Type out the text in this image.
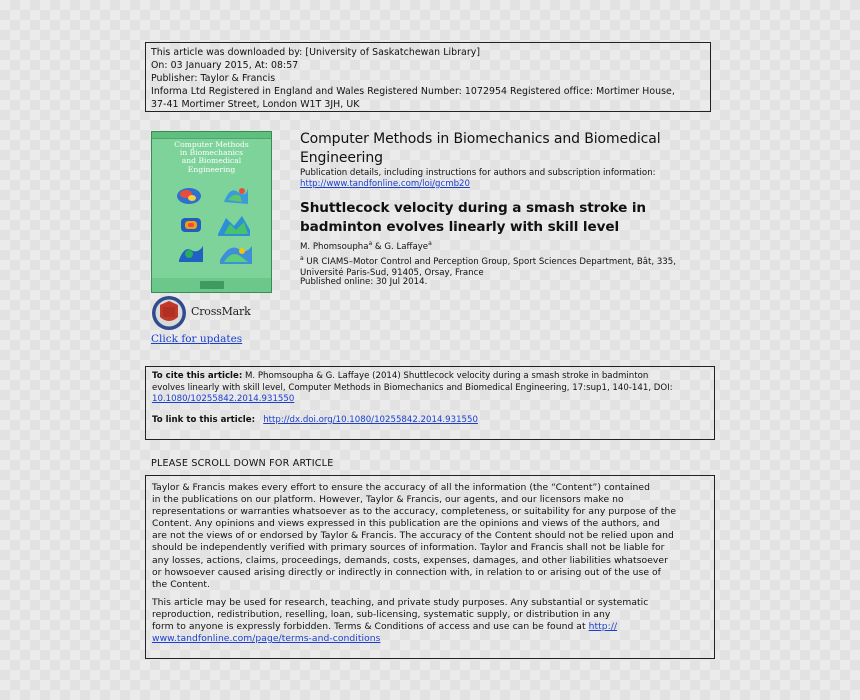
This article was downloaded by: [University of Saskatchewan Library]
On: 03 January 2015, At: 08:57
Publisher: Taylor & Francis
Informa Ltd Registered in England and Wales Registered Number: 1072954 Registered office: Mortimer House,
37-41 Mortimer Street, London W1T 3JH, UK
Computer Methods
in Biomechanics
and Biomedical
Engineering
CrossMark
Click for updates
Computer Methods in Biomechanics and Biomedical Engineering
Publication details, including instructions for authors and subscription information:
http://www.tandfonline.com/loi/gcmb20
Shuttlecock velocity during a smash stroke in badminton evolves linearly with skill level
M. Phomsoupha$^a$ & G. Laffaye$^a$
$^a$ UR CIAMS–Motor Control and Perception Group, Sport Sciences Department, Bât, 335,
Université Paris-Sud, 91405, Orsay, France
Published online: 30 Jul 2014.
To cite this article: M. Phomsoupha & G. Laffaye (2014) Shuttlecock velocity during a smash stroke in badminton
evolves linearly with skill level, Computer Methods in Biomechanics and Biomedical Engineering, 17:sup1, 140-141, DOI:
10.1080/10255842.2014.931550
To link to this article: http://dx.doi.org/10.1080/10255842.2014.931550
PLEASE SCROLL DOWN FOR ARTICLE
Taylor & Francis makes every effort to ensure the accuracy of all the information (the “Content”) contained
in the publications on our platform. However, Taylor & Francis, our agents, and our licensors make no
representations or warranties whatsoever as to the accuracy, completeness, or suitability for any purpose of the
Content. Any opinions and views expressed in this publication are the opinions and views of the authors, and
are not the views of or endorsed by Taylor & Francis. The accuracy of the Content should not be relied upon and
should be independently verified with primary sources of information. Taylor and Francis shall not be liable for
any losses, actions, claims, proceedings, demands, costs, expenses, damages, and other liabilities whatsoever
or howsoever caused arising directly or indirectly in connection with, in relation to or arising out of the use of
the Content.
This article may be used for research, teaching, and private study purposes. Any substantial or systematic
reproduction, redistribution, reselling, loan, sub-licensing, systematic supply, or distribution in any
form to anyone is expressly forbidden. Terms & Conditions of access and use can be found at http://
www.tandfonline.com/page/terms-and-conditions
